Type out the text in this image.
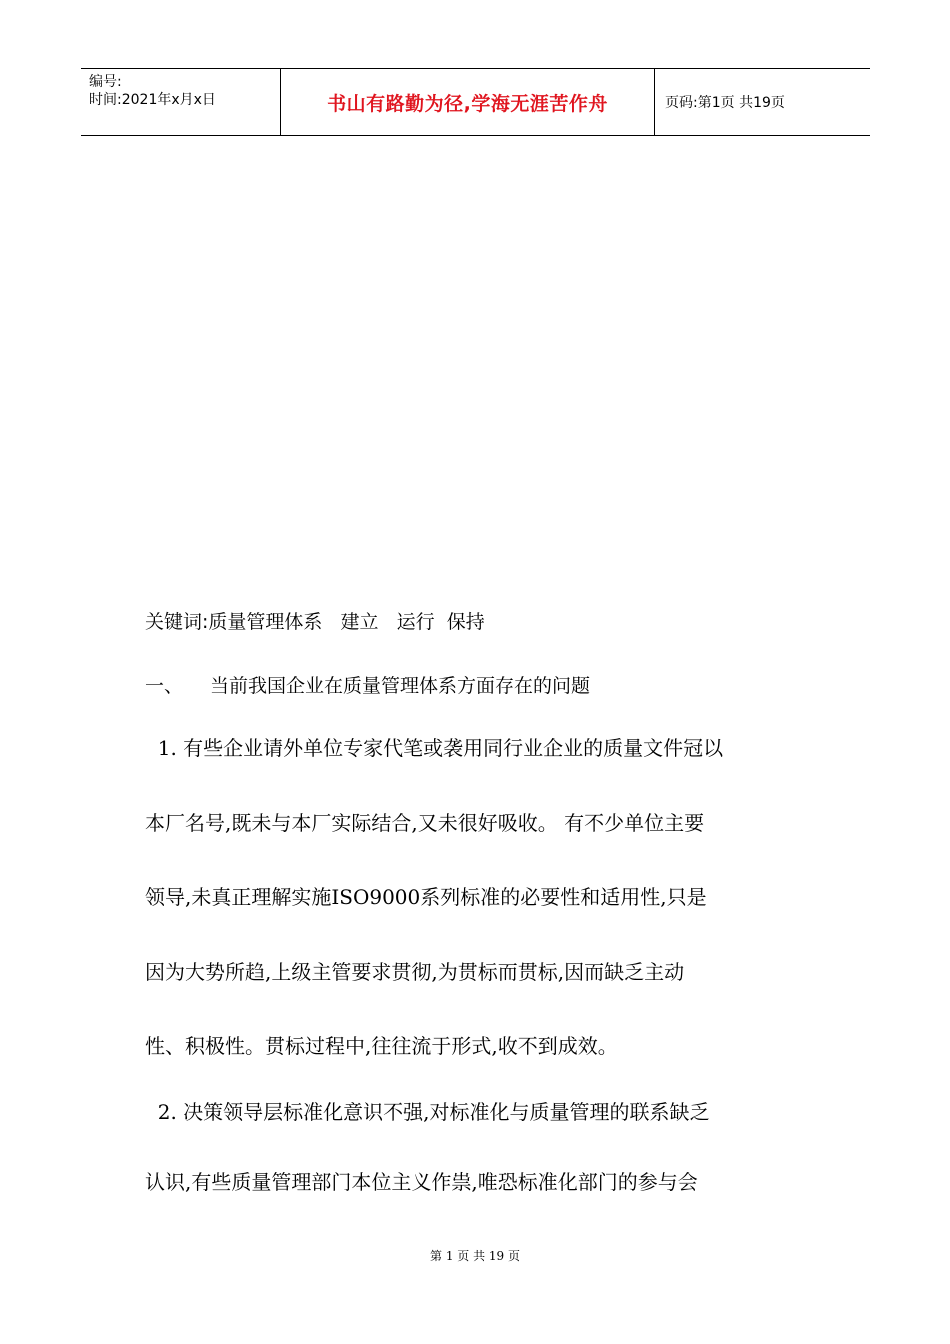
编号:
时间:2021年x月x日	书山有路勤为径,学海无涯苦作舟	页码:第1页 共19页
关键词:质量管理体系   建立   运行  保持
一、 当前我国企业在质量管理体系方面存在的问题
1. 有些企业请外单位专家代笔或袭用同行业企业的质量文件冠以
本厂名号,既未与本厂实际结合,又未很好吸收。 有不少单位主要
领导,未真正理解实施ISO9000系列标准的必要性和适用性,只是
因为大势所趋,上级主管要求贯彻,为贯标而贯标,因而缺乏主动
性、积极性。贯标过程中,往往流于形式,收不到成效。
2. 决策领导层标准化意识不强,对标准化与质量管理的联系缺乏
认识,有些质量管理部门本位主义作祟,唯恐标准化部门的参与会
第 1 页 共 19 页
